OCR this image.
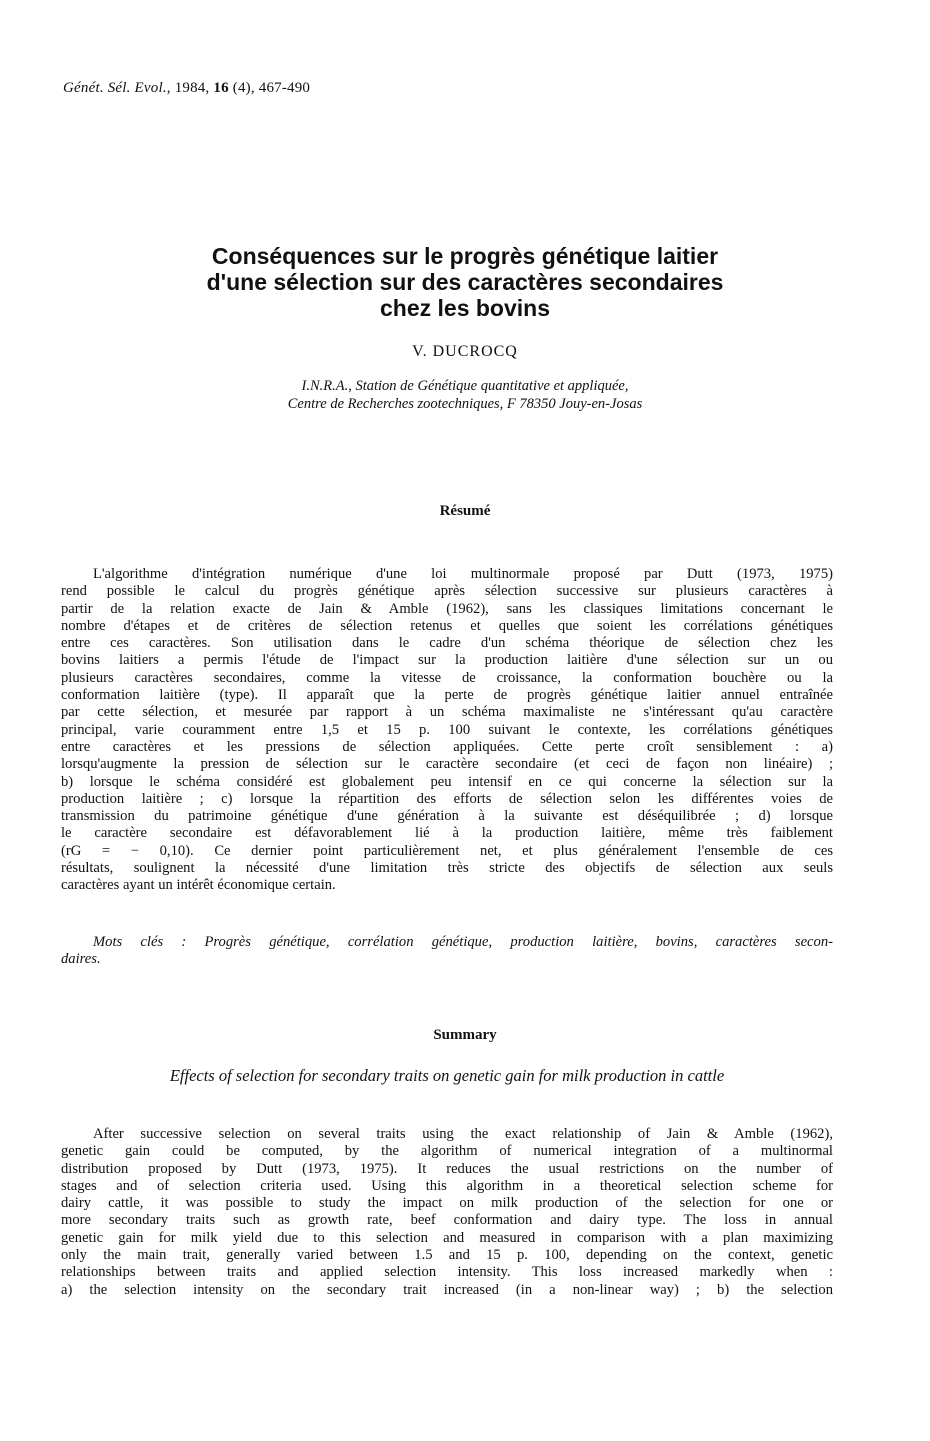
Génét. Sél. Evol., 1984, 16 (4), 467-490
Conséquences sur le progrès génétique laitier
d'une sélection sur des caractères secondaires
chez les bovins
V. DUCROCQ
I.N.R.A., Station de Génétique quantitative et appliquée,
Centre de Recherches zootechniques, F 78350 Jouy-en-Josas
Résumé
L'algorithme d'intégration numérique d'une loi multinormale proposé par Dutt (1973, 1975)
rend possible le calcul du progrès génétique après sélection successive sur plusieurs caractères à
partir de la relation exacte de Jain & Amble (1962), sans les classiques limitations concernant le
nombre d'étapes et de critères de sélection retenus et quelles que soient les corrélations génétiques
entre ces caractères. Son utilisation dans le cadre d'un schéma théorique de sélection chez les
bovins laitiers a permis l'étude de l'impact sur la production laitière d'une sélection sur un ou
plusieurs caractères secondaires, comme la vitesse de croissance, la conformation bouchère ou la
conformation laitière (type). Il apparaît que la perte de progrès génétique laitier annuel entraînée
par cette sélection, et mesurée par rapport à un schéma maximaliste ne s'intéressant qu'au caractère
principal, varie couramment entre 1,5 et 15 p. 100 suivant le contexte, les corrélations génétiques
entre caractères et les pressions de sélection appliquées. Cette perte croît sensiblement : a)
lorsqu'augmente la pression de sélection sur le caractère secondaire (et ceci de façon non linéaire) ;
b) lorsque le schéma considéré est globalement peu intensif en ce qui concerne la sélection sur la
production laitière ; c) lorsque la répartition des efforts de sélection selon les différentes voies de
transmission du patrimoine génétique d'une génération à la suivante est déséquilibrée ; d) lorsque
le caractère secondaire est défavorablement lié à la production laitière, même très faiblement
(rG = − 0,10). Ce dernier point particulièrement net, et plus généralement l'ensemble de ces
résultats, soulignent la nécessité d'une limitation très stricte des objectifs de sélection aux seuls
caractères ayant un intérêt économique certain.
Mots clés : Progrès génétique, corrélation génétique, production laitière, bovins, caractères secon-
daires.
Summary
Effects of selection for secondary traits on genetic gain for milk production in cattle
After successive selection on several traits using the exact relationship of Jain & Amble (1962),
genetic gain could be computed, by the algorithm of numerical integration of a multinormal
distribution proposed by Dutt (1973, 1975). It reduces the usual restrictions on the number of
stages and of selection criteria used. Using this algorithm in a theoretical selection scheme for
dairy cattle, it was possible to study the impact on milk production of the selection for one or
more secondary traits such as growth rate, beef conformation and dairy type. The loss in annual
genetic gain for milk yield due to this selection and measured in comparison with a plan maximizing
only the main trait, generally varied between 1.5 and 15 p. 100, depending on the context, genetic
relationships between traits and applied selection intensity. This loss increased markedly when :
a) the selection intensity on the secondary trait increased (in a non-linear way) ; b) the selection
